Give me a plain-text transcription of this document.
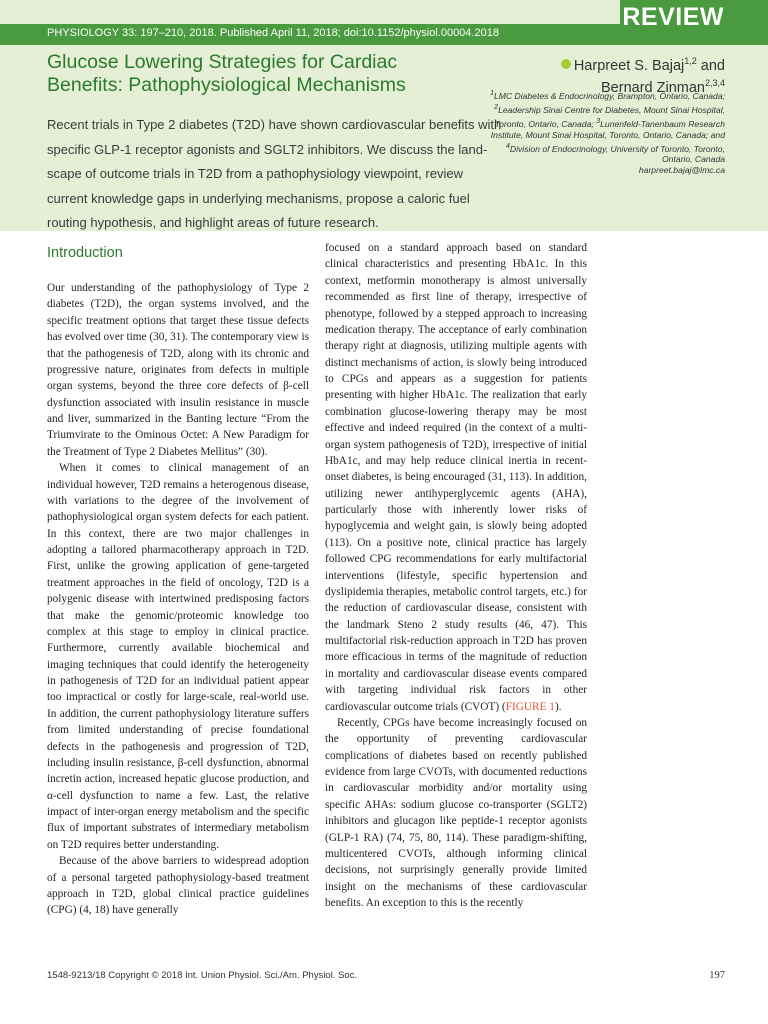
REVIEW
PHYSIOLOGY 33: 197–210, 2018. Published April 11, 2018; doi:10.1152/physiol.00004.2018
Glucose Lowering Strategies for Cardiac
Benefits: Pathophysiological Mechanisms
Recent trials in Type 2 diabetes (T2D) have shown cardiovascular benefits with
specific GLP-1 receptor agonists and SGLT2 inhibitors. We discuss the land-
scape of outcome trials in T2D from a pathophysiology viewpoint, review
current knowledge gaps in underlying mechanisms, propose a caloric fuel
routing hypothesis, and highlight areas of future research.
Harpreet S. Bajaj$^{1,2}$ and
Bernard Zinman$^{2,3,4}$
$^1$LMC Diabetes & Endocrinology, Brampton, Ontario, Canada;
$^2$Leadership Sinai Centre for Diabetes, Mount Sinai Hospital,
Toronto, Ontario, Canada; $^3$Lunenfeld-Tanenbaum Research
Institute, Mount Sinai Hospital, Toronto, Ontario, Canada; and
$^4$Division of Endocrinology, University of Toronto, Toronto,
Ontario, Canada
harpreet.bajaj@lmc.ca
Introduction

Our understanding of the pathophysiology of Type 2 diabetes (T2D), the organ systems involved, and the specific treatment options that target these tissue defects has evolved over time (30, 31). The contemporary view is that the pathogenesis of T2D, along with its chronic and progressive nature, originates from defects in multiple organ systems, beyond the three core defects of β-cell dysfunction associated with insulin resistance in muscle and liver, summarized in the Banting lecture “From the Triumvirate to the Ominous Octet: A New Paradigm for the Treatment of Type 2 Diabetes Mellitus” (30).

When it comes to clinical management of an individual however, T2D remains a heterogenous disease, with variations to the degree of the involvement of pathophysiological organ system defects for each patient. In this context, there are two major challenges in adopting a tailored pharmacotherapy approach in T2D. First, unlike the growing application of gene-targeted treatment approaches in the field of oncology, T2D is a polygenic disease with intertwined predisposing factors that make the genomic/proteomic knowledge too complex at this stage to employ in clinical practice. Furthermore, currently available biochemical and imaging techniques that could identify the heterogeneity in pathogenesis of T2D for an individual patient appear too impractical or costly for large-scale, real-world use. In addition, the current pathophysiology literature suffers from limited understanding of precise foundational defects in the pathogenesis and progression of T2D, including insulin resistance, β-cell dysfunction, abnormal incretin action, increased hepatic glucose production, and α-cell dysfunction to name a few. Last, the relative impact of inter-organ energy metabolism and the specific flux of important substrates of intermediary metabolism on T2D requires better understanding.

Because of the above barriers to widespread adoption of a personal targeted pathophysiology-based treatment approach in T2D, global clinical practice guidelines (CPG) (4, 18) have generally

focused on a standard approach based on standard clinical characteristics and presenting HbA1c. In this context, metformin monotherapy is almost universally recommended as first line of therapy, irrespective of phenotype, followed by a stepped approach to increasing medication therapy. The acceptance of early combination therapy right at diagnosis, utilizing multiple agents with distinct mechanisms of action, is slowly being introduced to CPGs and appears as a suggestion for patients presenting with higher HbA1c. The realization that early combination glucose-lowering therapy may be most effective and indeed required (in the context of a multi-organ system pathogenesis of T2D), irrespective of initial HbA1c, and may help reduce clinical inertia in recent-onset diabetes, is being encouraged (31, 113). In addition, utilizing newer antihyperglycemic agents (AHA), particularly those with inherently lower risks of hypoglycemia and weight gain, is slowly being adopted (113). On a positive note, clinical practice has largely followed CPG recommendations for early multifactorial interventions (lifestyle, specific hypertension and dyslipidemia therapies, metabolic control targets, etc.) for the reduction of cardiovascular disease, consistent with the landmark Steno 2 study results (46, 47). This multifactorial risk-reduction approach in T2D has proven more efficacious in terms of the magnitude of reduction in mortality and cardiovascular disease events compared with targeting individual risk factors in other cardiovascular outcome trials (CVOT) (FIGURE 1).

Recently, CPGs have become increasingly focused on the opportunity of preventing cardiovascular complications of diabetes based on recently published evidence from large CVOTs, with documented reductions in cardiovascular morbidity and/or mortality using specific AHAs: sodium glucose co-transporter (SGLT2) inhibitors and glucagon like peptide-1 receptor agonists (GLP-1 RA) (74, 75, 80, 114). These paradigm-shifting, multicentered CVOTs, although informing clinical decisions, not surprisingly generally provide limited insight on the mechanisms of these cardiovascular benefits. An exception to this is the recently

1548-9213/18 Copyright © 2018 Int. Union Physiol. Sci./Am. Physiol. Soc.	197
